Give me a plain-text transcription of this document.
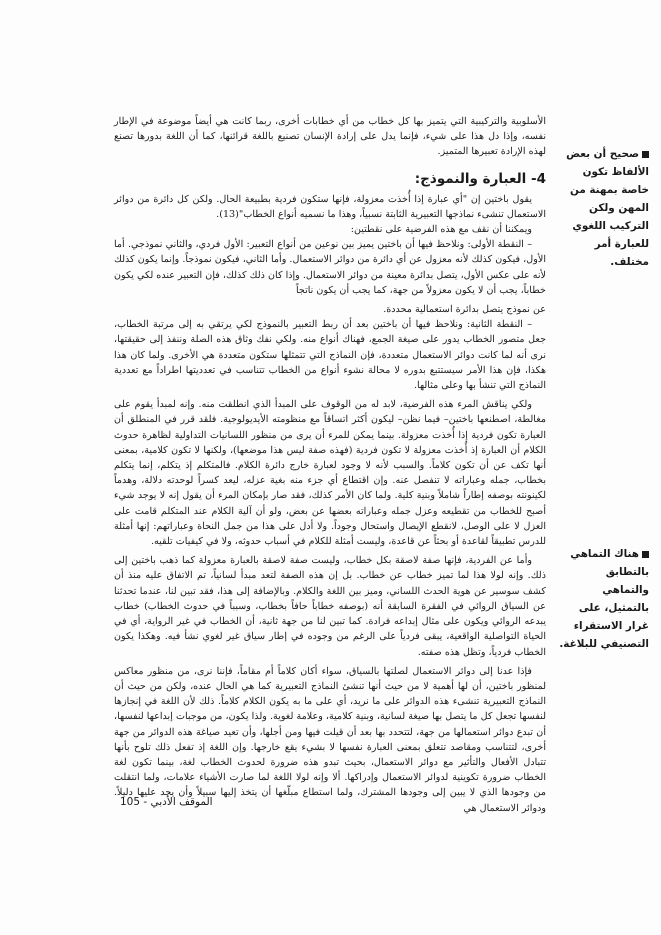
الأسلوبية والتركيبية التي يتميز بها كل خطاب من أي خطابات أخرى، ربما كانت هي أيضاً موضوعة في الإطار نفسه، وإذا دل هذا على شيء، فإنما يدل على إرادة الإنسان تصنيع باللغة قرائنها، كما أن اللغة بدورها تصنع لهذه الإرادة تعبيرها المتميز.

4- العبارة والنموذج:

يقول باختين إن "أي عبارة إذا أُخذت معزولة، فإنها ستكون فردية بطبيعة الحال. ولكن كل دائرة من دوائر الاستعمال تنشىء نماذجها التعبيرية الثابتة نسبياً، وهذا ما نسميه أنواع الخطاب"(13).

ويمكننا أن نقف مع هذه الفرضية على نقطتين:

– النقطة الأولى: ونلاحظ فيها أن باختين يميز بين نوعين من أنواع التعبير: الأول فردي، والثاني نموذجي. أما الأول، فيكون كذلك لأنه معزول عن أي دائرة من دوائر الاستعمال. وأما الثاني، فيكون نموذجاً. وإنما يكون كذلك لأنه على عكس الأول، يتصل بدائرة معينة من دوائر الاستعمال. وإذا كان ذلك كذلك، فإن التعبير عنده لكي يكون خطاباً، يجب أن لا يكون معزولاً من جهة، كما يجب أن يكون ناتجاً

عن نموذج يتصل بدائرة استعمالية محددة.

– النقطة الثانية: ونلاحظ فيها أن باختين بعد أن ربط التعبير بالنموذج لكي يرتقي به إلى مرتبة الخطاب، جعل متصور الخطاب يدور على صيغة الجمع، فهناك أنواع منه. ولكي نفك وثاق هذه الصلة وننفذ إلى حقيقتها، نرى أنه لما كانت دوائر الاستعمال متعددة، فإن النماذج التي تتمثلها ستكون متعددة هي الأخرى. ولما كان هذا هكذا، فإن هذا الأمر سيستتبع بدوره لا محالة نشوء أنواع من الخطاب تتناسب في تعدديتها اطراداً مع تعددية النماذج التي تنشأ بها وعلى مثالها.

ولكي يناقش المرء هذه الفرضية، لابد له من الوقوف على المبدأ الذي انطلقت منه. وإنه لمبدأ يقوم على مغالطة، اصطنعها باختين– فيما نظن– ليكون أكثر اتساقاً مع منظومته الأيديولوجية. فلقد قرر في المنطلق أن العبارة تكون فردية إذا أُخذت معزولة. بينما يمكن للمرء أن يرى من منظور اللسانيات التداولية لظاهرة حدوث الكلام أن العبارة إذ أُخذت معزولة لا تكون فردية (فهذه صفة ليس هذا موضعها)، ولكنها لا تكون كلامية، بمعنى أنها تكف عن أن تكون كلاماً. والسبب لأنه لا وجود لعبارة خارج دائرة الكلام. فالمتكلم إذ يتكلم، إنما يتكلم بخطاب، جمله وعباراته لا تنفصل عنه. وإن اقتطاع أي جزء منه بغية عزله، ليعد كسراً لوحدته دلالة، وهدماً لكينونته بوصفه إطاراً شاملاً وبنية كلية. ولما كان الأمر كذلك، فقد صار بإمكان المرء أن يقول إنه لا يوجد شيء أصبح للخطاب من تقطيعه وعزل جمله وعباراته بعضها عن بعض، ولو أن آلية الكلام عند المتكلم قامت على العزل لا على الوصل، لانقطع الإيصال واستحال وجوداً. ولا أدل على هذا من جمل النحاة وعباراتهم: إنها أمثلة للدرس تطبيقاً لقاعدة أو بحثاً عن قاعدة، وليست أمثلة للكلام في أسباب حدوثه، ولا في كيفيات تلقيه.

وأما عن الفردية، فإنها صفة لاصقة بكل خطاب، وليست صفة لاصقة بالعبارة معزولة كما ذهب باختين إلى ذلك. وإنه لولا هذا لما تميز خطاب عن خطاب. بل إن هذه الصفة لتعد مبدأ لسانياً، تم الاتفاق عليه منذ أن كشف سوسير عن هوية الحدث اللساني، وميز بين اللغة والكلام. وبالإضافة إلى هذا، فقد تبين لنا، عندما تحدثنا عن السياق الروائي في الفقرة السابقة أنه (بوصفه خطاباً حافاً بخطاب، وسبباً في حدوث الخطاب) خطاب يبدعه الروائي ويكون على مثال إبداعه فرادة. كما تبين لنا من جهة ثانية، أن الخطاب في غير الرواية، أي في الحياة التواصلية الواقعية، يبقى فردياً على الرغم من وجوده في إطار سياق غير لغوي نشأ فيه. وهكذا يكون الخطاب فردياً، وتظل هذه صفته.

فإذا عدنا إلى دوائر الاستعمال لصلتها بالسياق، سواء أكان كلاماً أم مقاماً، فإننا نرى، من منظور معاكس لمنظور باختين، أن لها أهمية لا من حيث أنها تنشئ النماذج التعبيرية كما هي الحال عنده، ولكن من حيث أن النماذج التعبيرية تنشىء هذه الدوائر على ما نريد، أي على ما به يكون الكلام كلاماً. ذلك لأن اللغة في إنجازها لنفسها تجعل كل ما يتصل بها صيغة لسانية، وبنية كلامية، وعلامة لغوية. ولذا يكون، من موجبات إبداعها لنفسها، أن تبدع دوائر استعمالها من جهة، لتتحدد بها بعد أن قيلت فيها ومن أجلها، وأن تعيد صياغة هذه الدوائر من جهة أخرى، لتتناسب ومقاصد تتعلق بمعنى العبارة نفسها لا بشيء يقع خارجها. وإن اللغة إذ تفعل ذلك تلوح بأنها تتبادل الأفعال والتأثير مع دوائر الاستعمال، بحيث تبدو هذه ضرورة لحدوث الخطاب لغة، بينما تكون لغة الخطاب ضرورة تكوينية لدوائر الاستعمال وإدراكها. ألا وإنه لولا اللغة لما صارت الأشياء علامات، ولما انتقلت من وجودها الذي لا يبين إلى وجودها المشترك، ولما استطاع مبلّغها أن يتخذ إليها سبيلاً وأن يجد عليها دليلاً. ودوائر الاستعمال هي

صحيح أن بعض الألفاظ تكون خاصة بمهنة من المهن ولكن التركيب اللغوي للعبارة أمر مختلف.
هناك التماهي بالتطابق والتماهي بالتمثيل، على غرار الاستقراء التصنيفي للبلاغة.
الموقف الأدبي - 105
